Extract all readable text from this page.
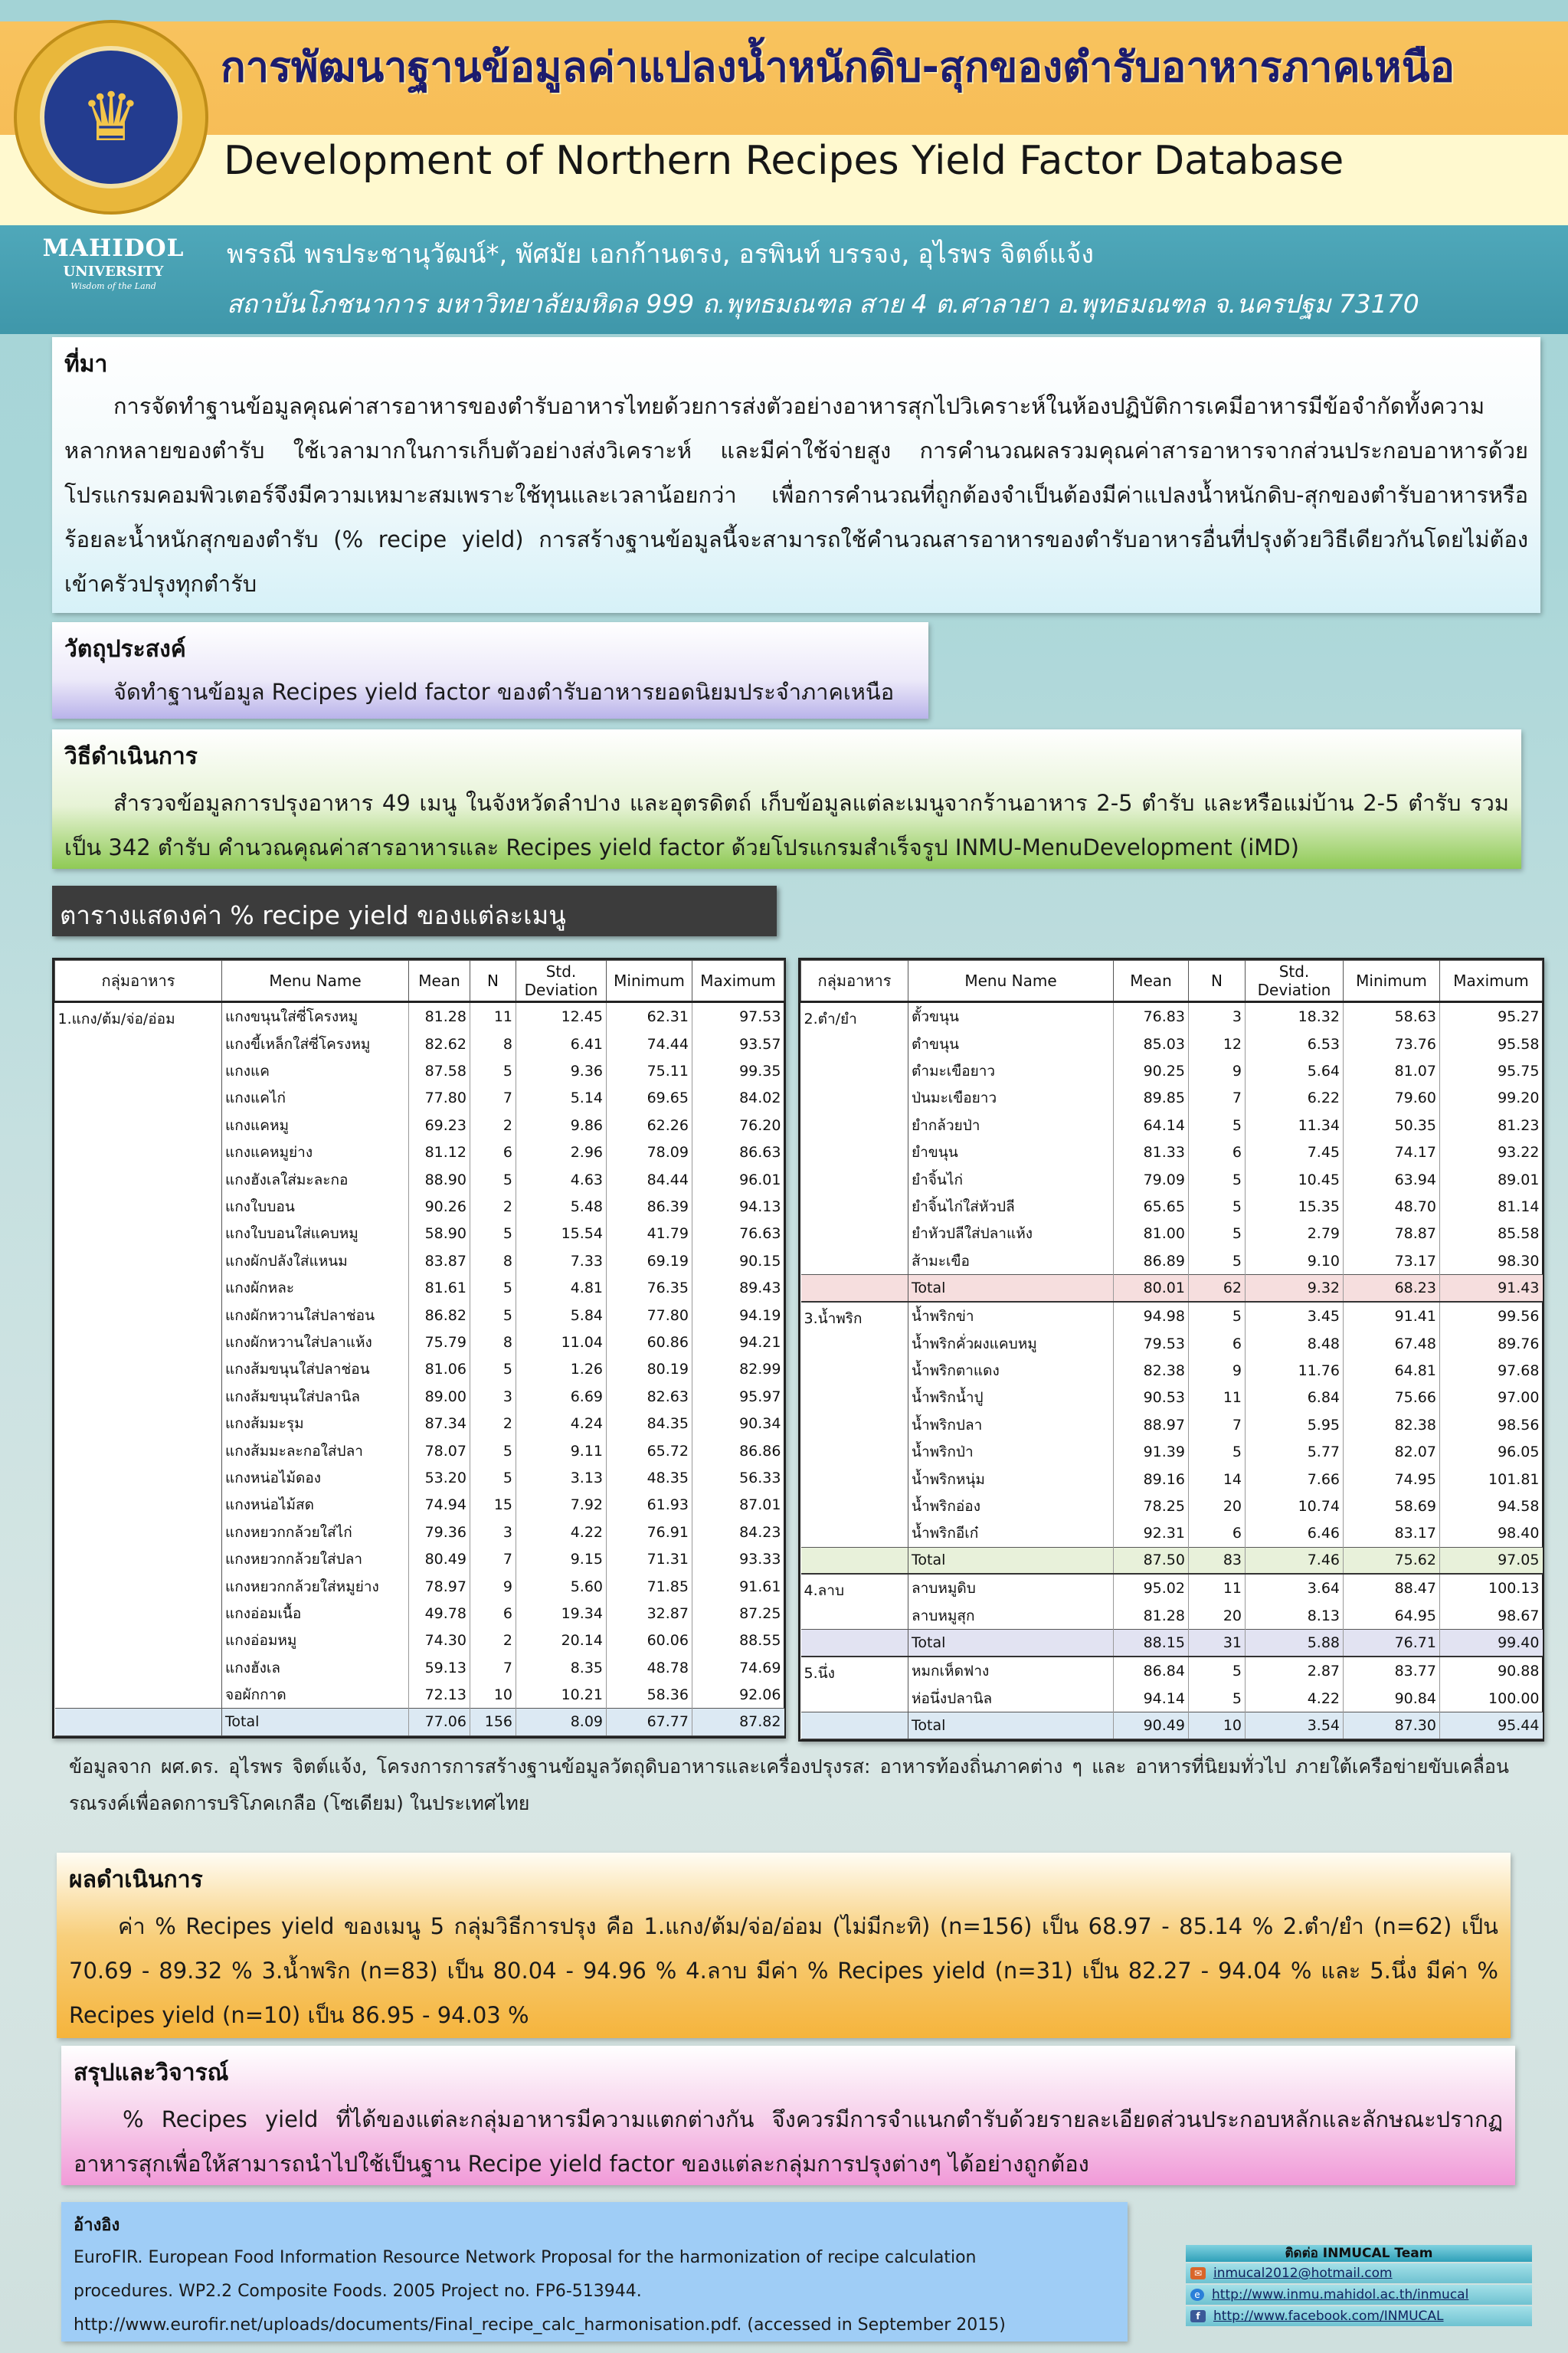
♛
การพัฒนาฐานข้อมูลค่าแปลงน้ำหนักดิบ-สุกของตำรับอาหารภาคเหนือ
Development of Northern Recipes Yield Factor Database
MAHIDOL
UNIVERSITY
Wisdom of the Land
พรรณี พรประชานุวัฒน์*, พัศมัย เอกก้านตรง, อรพินท์ บรรจง, อุไรพร จิตต์แจ้ง
สถาบันโภชนาการ มหาวิทยาลัยมหิดล 999 ถ.พุทธมณฑล สาย 4 ต.ศาลายา อ.พุทธมณฑล จ.นครปฐม 73170
ที่มา

การจัดทำฐานข้อมูลคุณค่าสารอาหารของตำรับอาหารไทยด้วยการส่งตัวอย่างอาหารสุกไปวิเคราะห์ในห้องปฏิบัติการเคมีอาหารมีข้อจำกัดทั้งความหลากหลายของตำรับ ใช้เวลามากในการเก็บตัวอย่างส่งวิเคราะห์ และมีค่าใช้จ่ายสูง การคำนวณผลรวมคุณค่าสารอาหารจากส่วนประกอบอาหารด้วยโปรแกรมคอมพิวเตอร์จึงมีความเหมาะสมเพราะใช้ทุนและเวลาน้อยกว่า เพื่อการคำนวณที่ถูกต้องจำเป็นต้องมีค่าแปลงน้ำหนักดิบ-สุกของตำรับอาหารหรือร้อยละน้ำหนักสุกของตำรับ (% recipe yield) การสร้างฐานข้อมูลนี้จะสามารถใช้คำนวณสารอาหารของตำรับอาหารอื่นที่ปรุงด้วยวิธีเดียวกันโดยไม่ต้องเข้าครัวปรุงทุกตำรับ

วัตถุประสงค์

จัดทำฐานข้อมูล Recipes yield factor ของตำรับอาหารยอดนิยมประจำภาคเหนือ

วิธีดำเนินการ

สำรวจข้อมูลการปรุงอาหาร 49 เมนู ในจังหวัดลำปาง และอุตรดิตถ์ เก็บข้อมูลแต่ละเมนูจากร้านอาหาร 2-5 ตำรับ และหรือแม่บ้าน 2-5 ตำรับ รวมเป็น 342 ตำรับ คำนวณคุณค่าสารอาหารและ Recipes yield factor ด้วยโปรแกรมสำเร็จรูป INMU-MenuDevelopment (iMD)

ตารางแสดงค่า % recipe yield ของแต่ละเมนู
กลุ่มอาหาร	Menu Name	Mean	N	Std.
Deviation	Minimum	Maximum
1.แกง/ต้ม/จ่อ/อ่อม	แกงขนุนใส่ซี่โครงหมู	81.28	11	12.45	62.31	97.53
	แกงขี้เหล็กใส่ซี่โครงหมู	82.62	8	6.41	74.44	93.57
	แกงแค	87.58	5	9.36	75.11	99.35
	แกงแคไก่	77.80	7	5.14	69.65	84.02
	แกงแคหมู	69.23	2	9.86	62.26	76.20
	แกงแคหมูย่าง	81.12	6	2.96	78.09	86.63
	แกงฮังเลใส่มะละกอ	88.90	5	4.63	84.44	96.01
	แกงใบบอน	90.26	2	5.48	86.39	94.13
	แกงใบบอนใส่แคบหมู	58.90	5	15.54	41.79	76.63
	แกงผักปลังใส่แหนม	83.87	8	7.33	69.19	90.15
	แกงผักหละ	81.61	5	4.81	76.35	89.43
	แกงผักหวานใส่ปลาช่อน	86.82	5	5.84	77.80	94.19
	แกงผักหวานใส่ปลาแห้ง	75.79	8	11.04	60.86	94.21
	แกงส้มขนุนใส่ปลาช่อน	81.06	5	1.26	80.19	82.99
	แกงส้มขนุนใส่ปลานิล	89.00	3	6.69	82.63	95.97
	แกงส้มมะรุม	87.34	2	4.24	84.35	90.34
	แกงส้มมะละกอใส่ปลา	78.07	5	9.11	65.72	86.86
	แกงหน่อไม้ดอง	53.20	5	3.13	48.35	56.33
	แกงหน่อไม้สด	74.94	15	7.92	61.93	87.01
	แกงหยวกกล้วยใส่ไก่	79.36	3	4.22	76.91	84.23
	แกงหยวกกล้วยใส่ปลา	80.49	7	9.15	71.31	93.33
	แกงหยวกกล้วยใส่หมูย่าง	78.97	9	5.60	71.85	91.61
	แกงอ่อมเนื้อ	49.78	6	19.34	32.87	87.25
	แกงอ่อมหมู	74.30	2	20.14	60.06	88.55
	แกงฮังเล	59.13	7	8.35	48.78	74.69
	จอผักกาด	72.13	10	10.21	58.36	92.06
	Total	77.06	156	8.09	67.77	87.82
กลุ่มอาหาร	Menu Name	Mean	N	Std.
Deviation	Minimum	Maximum
2.ตำ/ยำ	ตั้วขนุน	76.83	3	18.32	58.63	95.27
	ตำขนุน	85.03	12	6.53	73.76	95.58
	ตำมะเขือยาว	90.25	9	5.64	81.07	95.75
	ป่นมะเขือยาว	89.85	7	6.22	79.60	99.20
	ยำกล้วยป่า	64.14	5	11.34	50.35	81.23
	ยำขนุน	81.33	6	7.45	74.17	93.22
	ยำจิ้นไก่	79.09	5	10.45	63.94	89.01
	ยำจิ้นไก่ใส่หัวปลี	65.65	5	15.35	48.70	81.14
	ยำหัวปลีใส่ปลาแห้ง	81.00	5	2.79	78.87	85.58
	ส้ามะเขือ	86.89	5	9.10	73.17	98.30
	Total	80.01	62	9.32	68.23	91.43
3.น้ำพริก	น้ำพริกข่า	94.98	5	3.45	91.41	99.56
	น้ำพริกคั่วผงแคบหมู	79.53	6	8.48	67.48	89.76
	น้ำพริกตาแดง	82.38	9	11.76	64.81	97.68
	น้ำพริกน้ำปู	90.53	11	6.84	75.66	97.00
	น้ำพริกปลา	88.97	7	5.95	82.38	98.56
	น้ำพริกป่า	91.39	5	5.77	82.07	96.05
	น้ำพริกหนุ่ม	89.16	14	7.66	74.95	101.81
	น้ำพริกอ่อง	78.25	20	10.74	58.69	94.58
	น้ำพริกอีเก๋	92.31	6	6.46	83.17	98.40
	Total	87.50	83	7.46	75.62	97.05
4.ลาบ	ลาบหมูดิบ	95.02	11	3.64	88.47	100.13
	ลาบหมูสุก	81.28	20	8.13	64.95	98.67
	Total	88.15	31	5.88	76.71	99.40
5.นึ่ง	หมกเห็ดฟาง	86.84	5	2.87	83.77	90.88
	ห่อนึ่งปลานิล	94.14	5	4.22	90.84	100.00
	Total	90.49	10	3.54	87.30	95.44
ข้อมูลจาก ผศ.ดร. อุไรพร จิตต์แจ้ง, โครงการการสร้างฐานข้อมูลวัตถุดิบอาหารและเครื่องปรุงรส: อาหารท้องถิ่นภาคต่าง ๆ และ อาหารที่นิยมทั่วไป ภายใต้เครือข่ายขับเคลื่อนรณรงค์เพื่อลดการบริโภคเกลือ (โซเดียม) ในประเทศไทย
ผลดำเนินการ

ค่า % Recipes yield ของเมนู 5 กลุ่มวิธีการปรุง คือ 1.แกง/ต้ม/จ่อ/อ่อม (ไม่มีกะทิ) (n=156) เป็น 68.97 - 85.14 % 2.ตำ/ยำ (n=62) เป็น 70.69 - 89.32 % 3.น้ำพริก (n=83) เป็น 80.04 - 94.96 % 4.ลาบ มีค่า % Recipes yield (n=31) เป็น 82.27 - 94.04 % และ 5.นึ่ง มีค่า % Recipes yield (n=10) เป็น 86.95 - 94.03 %

สรุปและวิจารณ์

% Recipes yield ที่ได้ของแต่ละกลุ่มอาหารมีความแตกต่างกัน จึงควรมีการจำแนกตำรับด้วยรายละเอียดส่วนประกอบหลักและลักษณะปรากฏอาหารสุกเพื่อให้สามารถนำไปใช้เป็นฐาน Recipe yield factor ของแต่ละกลุ่มการปรุงต่างๆ ได้อย่างถูกต้อง

อ้างอิง

EuroFIR. European Food Information Resource Network Proposal for the harmonization of recipe calculation

procedures. WP2.2 Composite Foods. 2005 Project no. FP6-513944.

http://www.eurofir.net/uploads/documents/Final_recipe_calc_harmonisation.pdf. (accessed in September 2015)

ติดต่อ INMUCAL Team
✉ inmucal2012@hotmail.com
e http://www.inmu.mahidol.ac.th/inmucal
f	http://www.facebook.com/INMUCAL
